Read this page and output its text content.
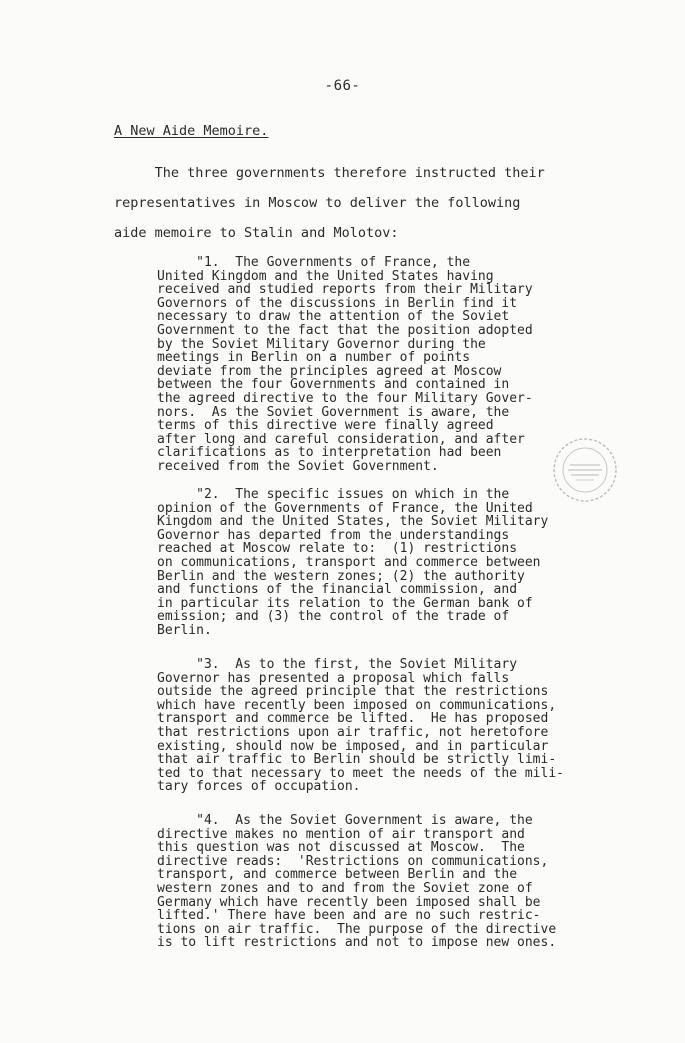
-66-
A New Aide Memoire.
The three governments therefore instructed their
representatives in Moscow to deliver the following
aide memoire to Stalin and Molotov:
"1.  The Governments of France, the
United Kingdom and the United States having
received and studied reports from their Military
Governors of the discussions in Berlin find it
necessary to draw the attention of the Soviet
Government to the fact that the position adopted
by the Soviet Military Governor during the
meetings in Berlin on a number of points
deviate from the principles agreed at Moscow
between the four Governments and contained in
the agreed directive to the four Military Gover-
nors.  As the Soviet Government is aware, the
terms of this directive were finally agreed
after long and careful consideration, and after
clarifications as to interpretation had been
received from the Soviet Government.
"2.  The specific issues on which in the
opinion of the Governments of France, the United
Kingdom and the United States, the Soviet Military
Governor has departed from the understandings
reached at Moscow relate to:  (1) restrictions
on communications, transport and commerce between
Berlin and the western zones; (2) the authority
and functions of the financial commission, and
in particular its relation to the German bank of
emission; and (3) the control of the trade of
Berlin.
"3.  As to the first, the Soviet Military
Governor has presented a proposal which falls
outside the agreed principle that the restrictions
which have recently been imposed on communications,
transport and commerce be lifted.  He has proposed
that restrictions upon air traffic, not heretofore
existing, should now be imposed, and in particular
that air traffic to Berlin should be strictly limi-
ted to that necessary to meet the needs of the mili-
tary forces of occupation.
"4.  As the Soviet Government is aware, the
directive makes no mention of air transport and
this question was not discussed at Moscow.  The
directive reads:  'Restrictions on communications,
transport, and commerce between Berlin and the
western zones and to and from the Soviet zone of
Germany which have recently been imposed shall be
lifted.' There have been and are no such restric-
tions on air traffic.  The purpose of the directive
is to lift restrictions and not to impose new ones.
